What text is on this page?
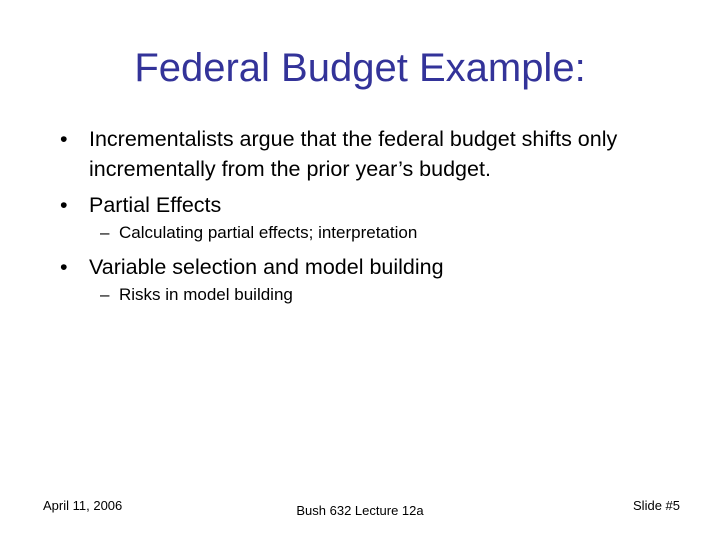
Federal Budget Example:
• Incrementalists argue that the federal budget shifts only incrementally from the prior year’s budget.
• Partial Effects
– Calculating partial effects; interpretation
• Variable selection and model building
– Risks in model building
April 11, 2006	Bush 632 Lecture 12a	Slide #5
